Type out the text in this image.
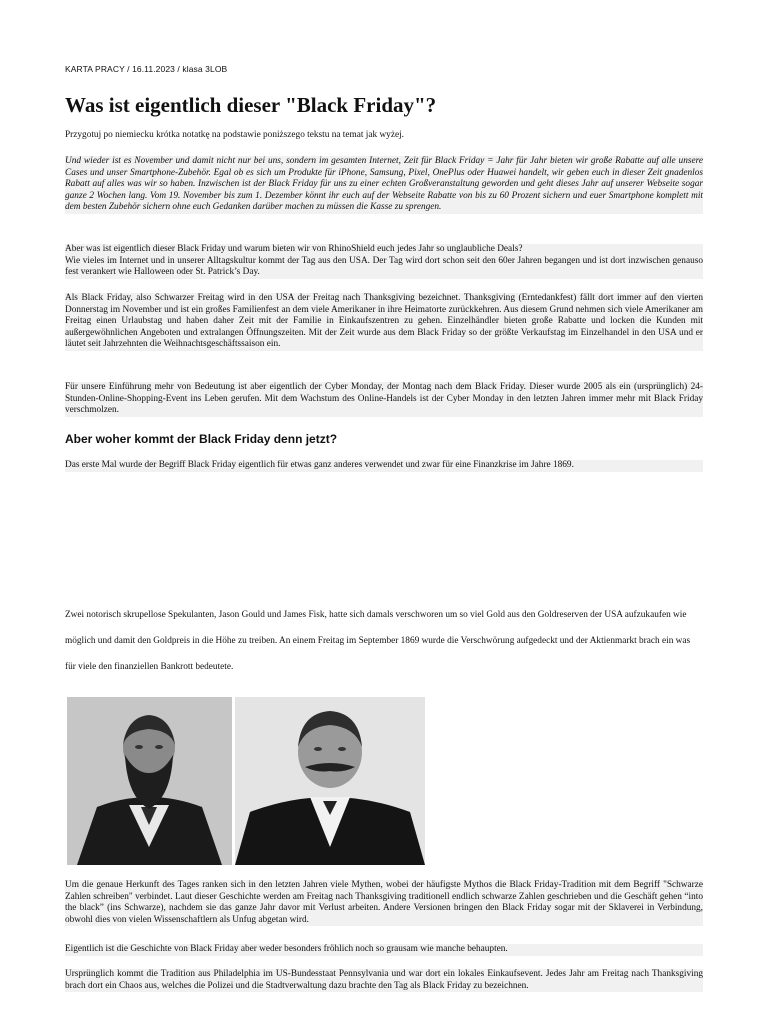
KARTA PRACY / 16.11.2023 / klasa 3LOB
Was ist eigentlich dieser "Black Friday"?

Przygotuj po niemiecku krótka notatkę na podstawie poniższego tekstu na temat jak wyżej.

Und wieder ist es November und damit nicht nur bei uns, sondern im gesamten Internet, Zeit für Black Friday = Jahr für Jahr bieten wir große Rabatte auf alle unsere Cases und unser Smartphone-Zubehör. Egal ob es sich um Produkte für iPhone, Samsung, Pixel, OnePlus oder Huawei handelt, wir geben euch in dieser Zeit gnadenlos Rabatt auf alles was wir so haben. Inzwischen ist der Black Friday für uns zu einer echten Großveranstaltung geworden und geht dieses Jahr auf unserer Webseite sogar ganze 2 Wochen lang. Vom 19. November bis zum 1. Dezember könnt ihr euch auf der Webseite Rabatte von bis zu 60 Prozent sichern und euer Smartphone komplett mit dem besten Zubehör sichern ohne euch Gedanken darüber machen zu müssen die Kasse zu sprengen.

Aber was ist eigentlich dieser Black Friday und warum bieten wir von RhinoShield euch jedes Jahr so unglaubliche Deals?
Wie vieles im Internet und in unserer Alltagskultur kommt der Tag aus den USA. Der Tag wird dort schon seit den 60er Jahren begangen und ist dort inzwischen genauso fest verankert wie Halloween oder St. Patrick’s Day.

Als Black Friday, also Schwarzer Freitag wird in den USA der Freitag nach Thanksgiving bezeichnet. Thanksgiving (Erntedankfest) fällt dort immer auf den vierten Donnerstag im November und ist ein großes Familienfest an dem viele Amerikaner in ihre Heimatorte zurückkehren. Aus diesem Grund nehmen sich viele Amerikaner am Freitag einen Urlaubstag und haben daher Zeit mit der Familie in Einkaufszentren zu gehen. Einzelhändler bieten große Rabatte und locken die Kunden mit außergewöhnlichen Angeboten und extralangen Öffnungszeiten. Mit der Zeit wurde aus dem Black Friday so der größte Verkaufstag im Einzelhandel in den USA und er läutet seit Jahrzehnten die Weihnachtsgeschäftssaison ein.

Für unsere Einführung mehr von Bedeutung ist aber eigentlich der Cyber Monday, der Montag nach dem Black Friday. Dieser wurde 2005 als ein (ursprünglich) 24-Stunden-Online-Shopping-Event ins Leben gerufen. Mit dem Wachstum des Online-Handels ist der Cyber Monday in den letzten Jahren immer mehr mit Black Friday verschmolzen.

Aber woher kommt der Black Friday denn jetzt?

Das erste Mal wurde der Begriff Black Friday eigentlich für etwas ganz anderes verwendet und zwar für eine Finanzkrise im Jahre 1869.

Zwei notorisch skrupellose Spekulanten, Jason Gould und James Fisk, hatte sich damals verschworen um so viel Gold aus den Goldreserven der USA aufzukaufen wie möglich und damit den Goldpreis in die Höhe zu treiben. An einem Freitag im September 1869 wurde die Verschwörung aufgedeckt und der Aktienmarkt brach ein was für viele den finanziellen Bankrott bedeutete.

Um die genaue Herkunft des Tages ranken sich in den letzten Jahren viele Mythen, wobei der häufigste Mythos die Black Friday-Tradition mit dem Begriff "Schwarze Zahlen schreiben" verbindet. Laut dieser Geschichte werden am Freitag nach Thanksgiving traditionell endlich schwarze Zahlen geschrieben und die Geschäft gehen “into the black” (ins Schwarze), nachdem sie das ganze Jahr davor mit Verlust arbeiten. Andere Versionen bringen den Black Friday sogar mit der Sklaverei in Verbindung, obwohl dies von vielen Wissenschaftlern als Unfug abgetan wird.

Eigentlich ist die Geschichte von Black Friday aber weder besonders fröhlich noch so grausam wie manche behaupten.

Ursprünglich kommt die Tradition aus Philadelphia im US-Bundesstaat Pennsylvania und war dort ein lokales Einkaufsevent. Jedes Jahr am Freitag nach Thanksgiving brach dort ein Chaos aus, welches die Polizei und die Stadtverwaltung dazu brachte den Tag als Black Friday zu bezeichnen.
